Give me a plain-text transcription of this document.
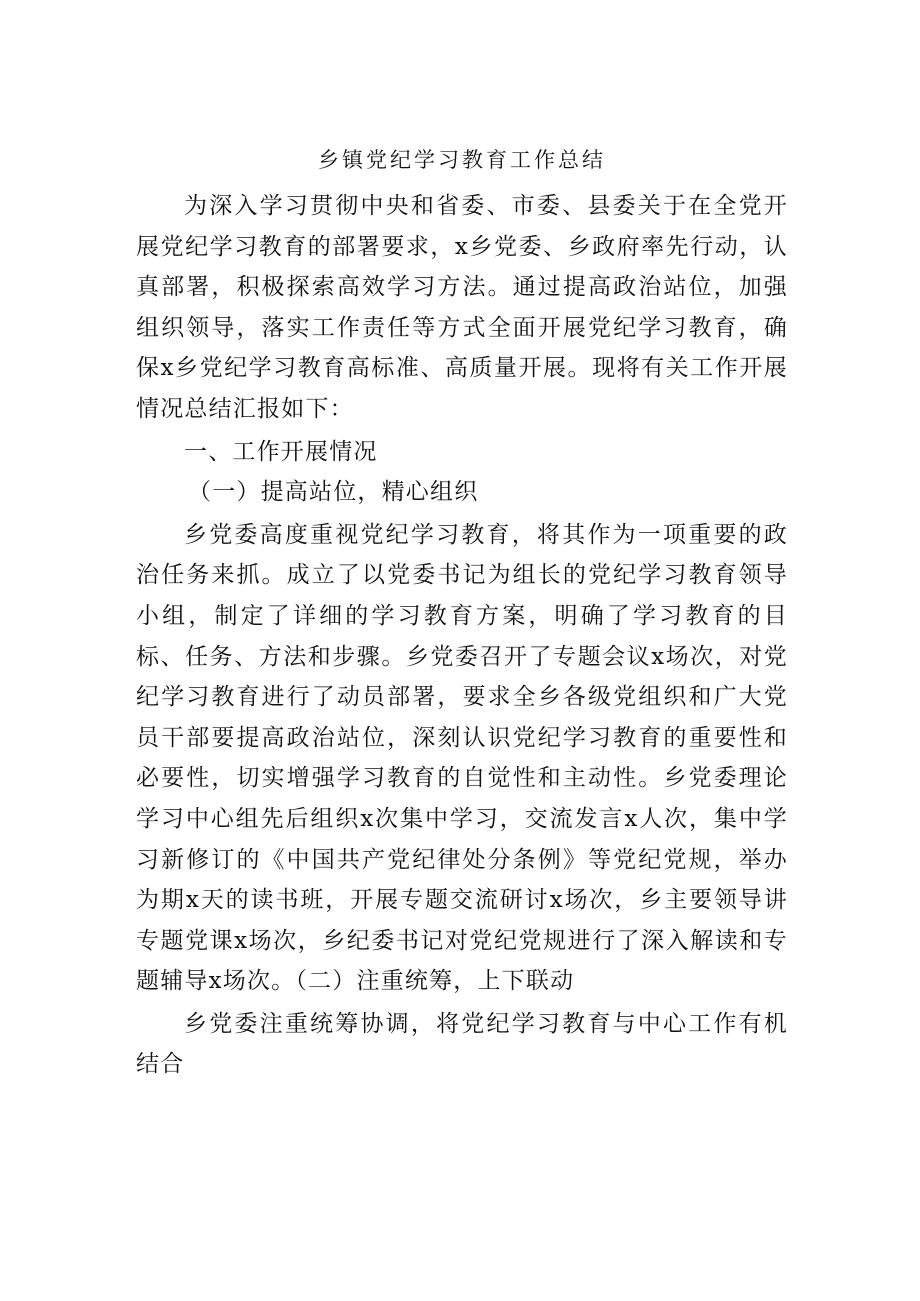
乡镇党纪学习教育工作总结

为深入学习贯彻中央和省委、市委、县委关于在全党开展党纪学习教育的部署要求，x乡党委、乡政府率先行动，认真部署，积极探索高效学习方法。通过提高政治站位，加强组织领导，落实工作责任等方式全面开展党纪学习教育，确保x乡党纪学习教育高标准、高质量开展。现将有关工作开展情况总结汇报如下：

一、工作开展情况

（一）提高站位，精心组织

乡党委高度重视党纪学习教育，将其作为一项重要的政治任务来抓。成立了以党委书记为组长的党纪学习教育领导小组，制定了详细的学习教育方案，明确了学习教育的目标、任务、方法和步骤。乡党委召开了专题会议x场次，对党纪学习教育进行了动员部署，要求全乡各级党组织和广大党员干部要提高政治站位，深刻认识党纪学习教育的重要性和必要性，切实增强学习教育的自觉性和主动性。乡党委理论学习中心组先后组织x次集中学习，交流发言x人次，集中学习新修订的《中国共产党纪律处分条例》等党纪党规，举办为期x天的读书班，开展专题交流研讨x场次，乡主要领导讲专题党课x场次，乡纪委书记对党纪党规进行了深入解读和专题辅导x场次。（二）注重统筹，上下联动

乡党委注重统筹协调，将党纪学习教育与中心工作有机结合
